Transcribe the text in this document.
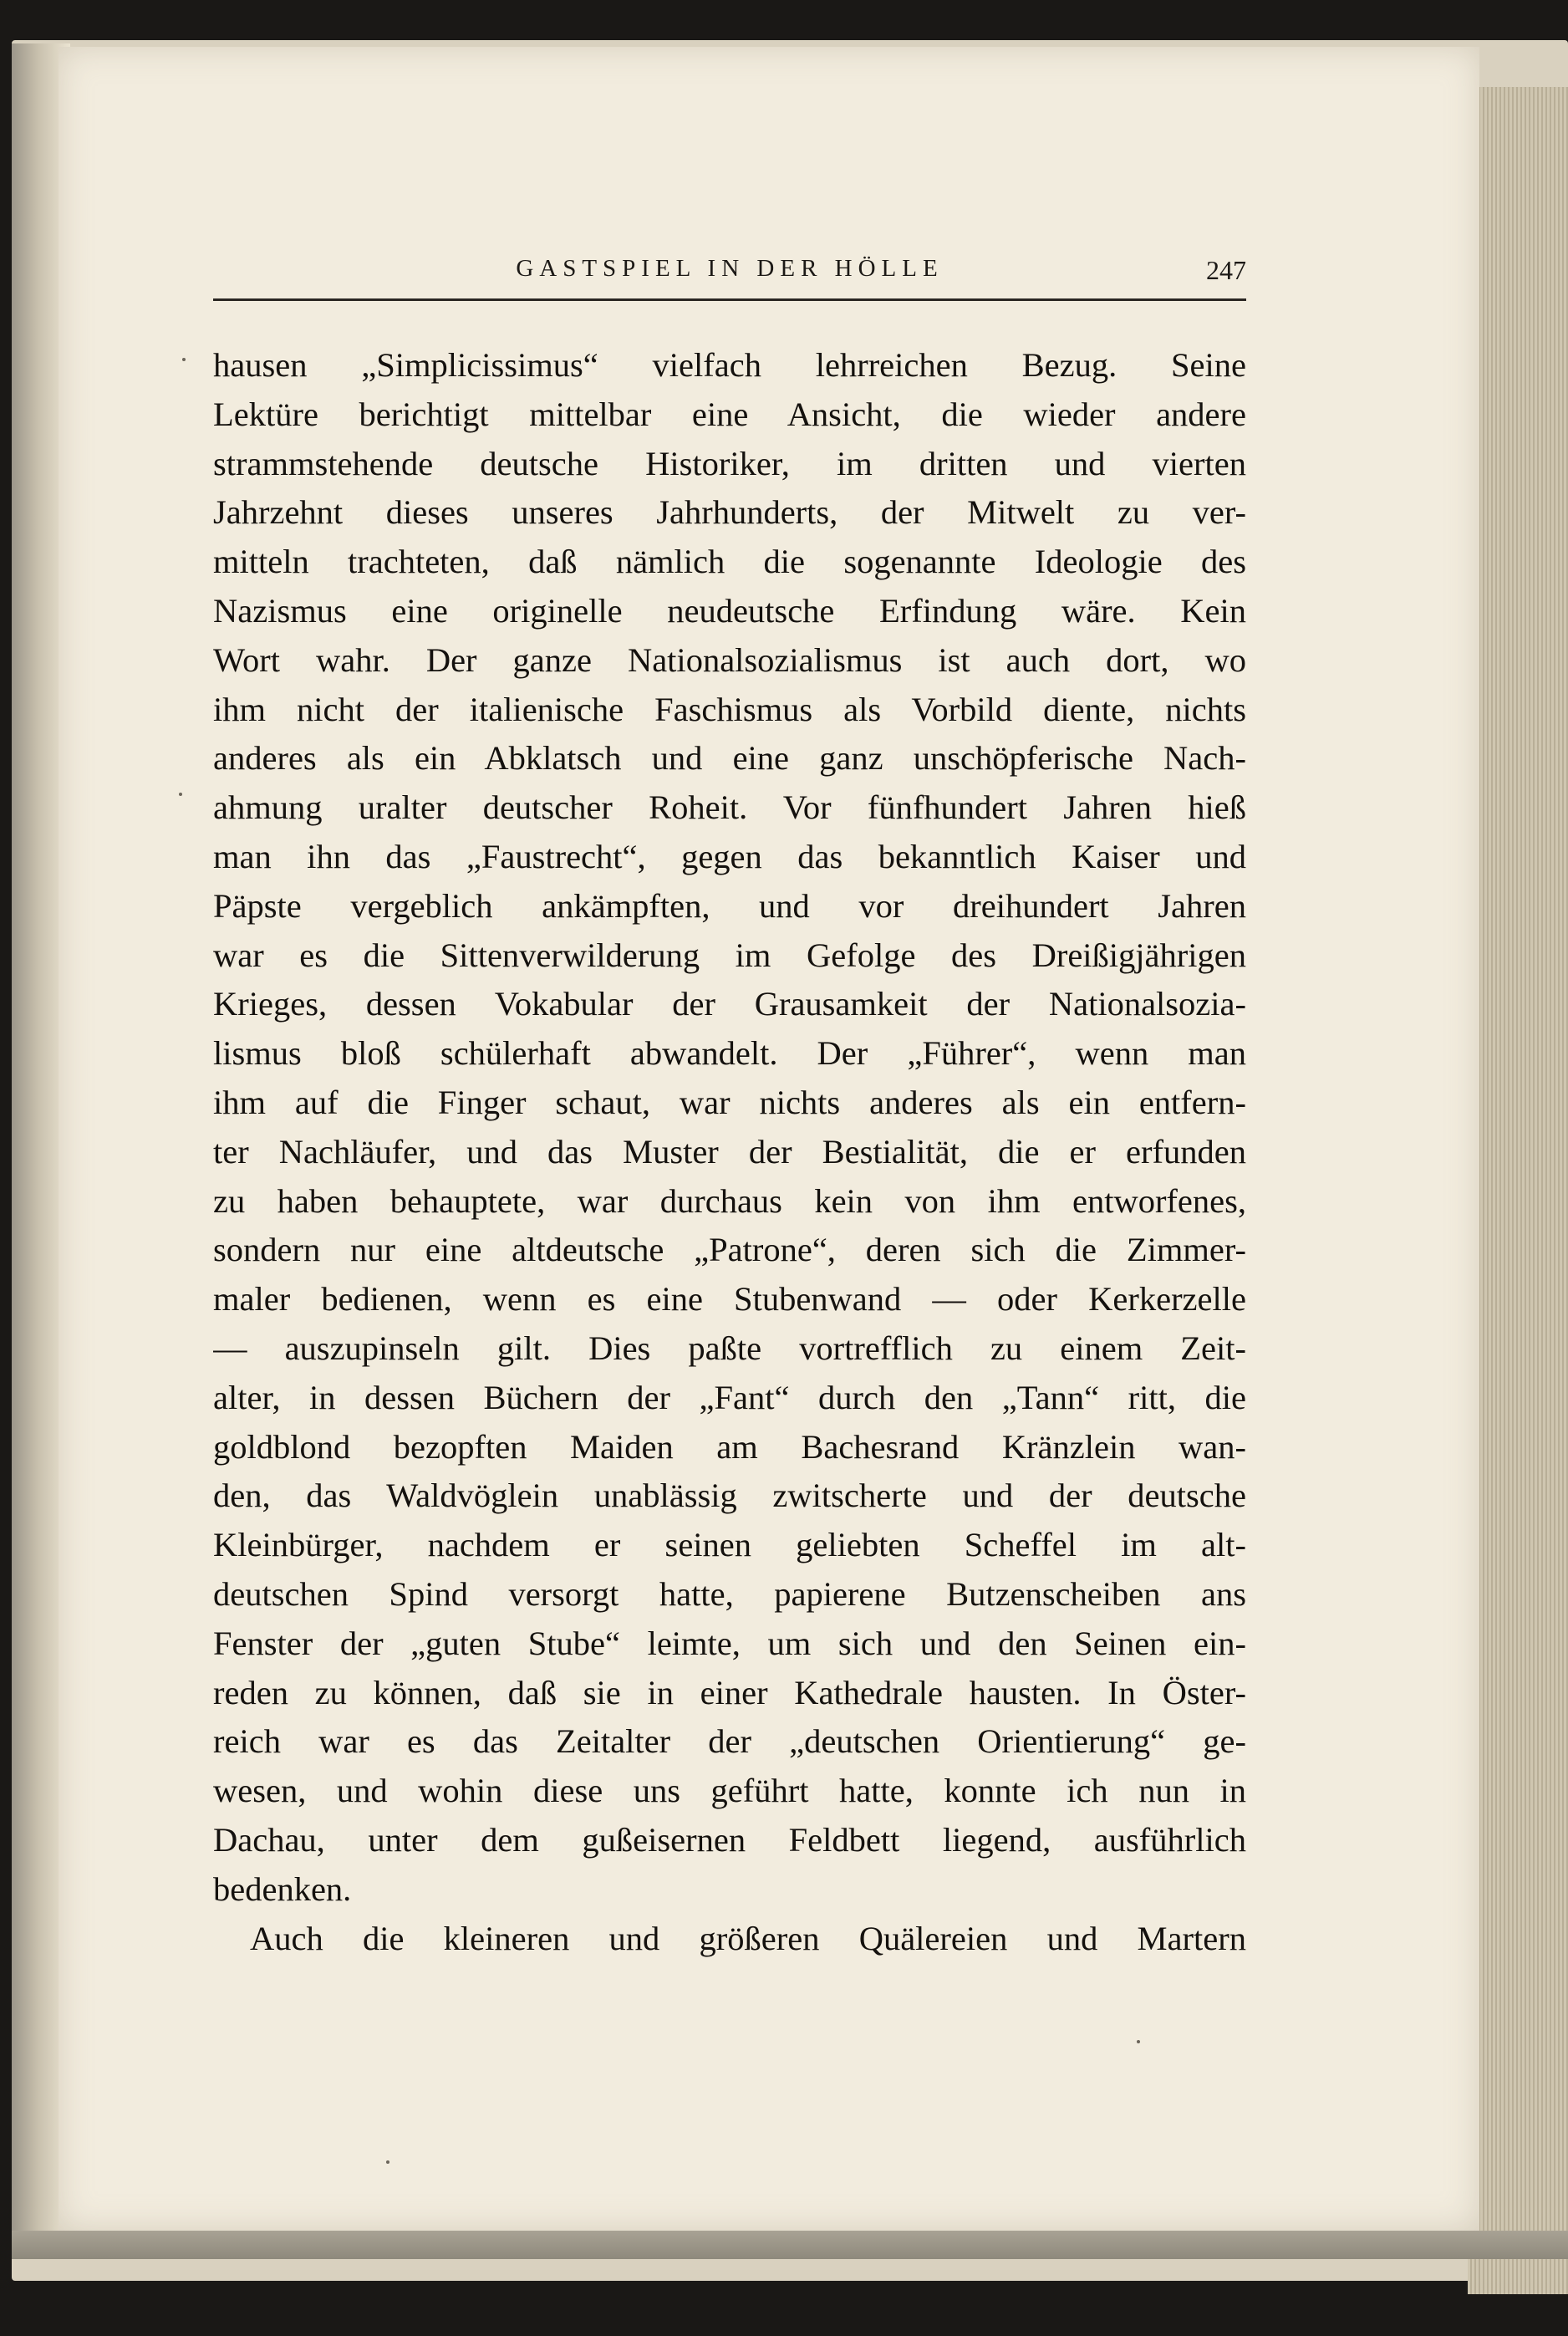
GASTSPIEL IN DER HÖLLE	247
hausen „Simplicissimus“ vielfach lehrreichen Bezug. Seine
Lektüre berichtigt mittelbar eine Ansicht, die wieder andere
strammstehende deutsche Historiker, im dritten und vierten
Jahrzehnt dieses unseres Jahrhunderts, der Mitwelt zu ver-
mitteln trachteten, daß nämlich die sogenannte Ideologie des
Nazismus eine originelle neudeutsche Erfindung wäre. Kein
Wort wahr. Der ganze Nationalsozialismus ist auch dort, wo
ihm nicht der italienische Faschismus als Vorbild diente, nichts
anderes als ein Abklatsch und eine ganz unschöpferische Nach-
ahmung uralter deutscher Roheit. Vor fünfhundert Jahren hieß
man ihn das „Faustrecht“, gegen das bekanntlich Kaiser und
Päpste vergeblich ankämpften, und vor dreihundert Jahren
war es die Sittenverwilderung im Gefolge des Dreißigjährigen
Krieges, dessen Vokabular der Grausamkeit der Nationalsozia-
lismus bloß schülerhaft abwandelt. Der „Führer“, wenn man
ihm auf die Finger schaut, war nichts anderes als ein entfern-
ter Nachläufer, und das Muster der Bestialität, die er erfunden
zu haben behauptete, war durchaus kein von ihm entworfenes,
sondern nur eine altdeutsche „Patrone“, deren sich die Zimmer-
maler bedienen, wenn es eine Stubenwand — oder Kerkerzelle
— auszupinseln gilt. Dies paßte vortrefflich zu einem Zeit-
alter, in dessen Büchern der „Fant“ durch den „Tann“ ritt, die
goldblond bezopften Maiden am Bachesrand Kränzlein wan-
den, das Waldvöglein unablässig zwitscherte und der deutsche
Kleinbürger, nachdem er seinen geliebten Scheffel im alt-
deutschen Spind versorgt hatte, papierene Butzenscheiben ans
Fenster der „guten Stube“ leimte, um sich und den Seinen ein-
reden zu können, daß sie in einer Kathedrale hausten. In Öster-
reich war es das Zeitalter der „deutschen Orientierung“ ge-
wesen, und wohin diese uns geführt hatte, konnte ich nun in
Dachau, unter dem gußeisernen Feldbett liegend, ausführlich
bedenken.
Auch die kleineren und größeren Quälereien und Martern
